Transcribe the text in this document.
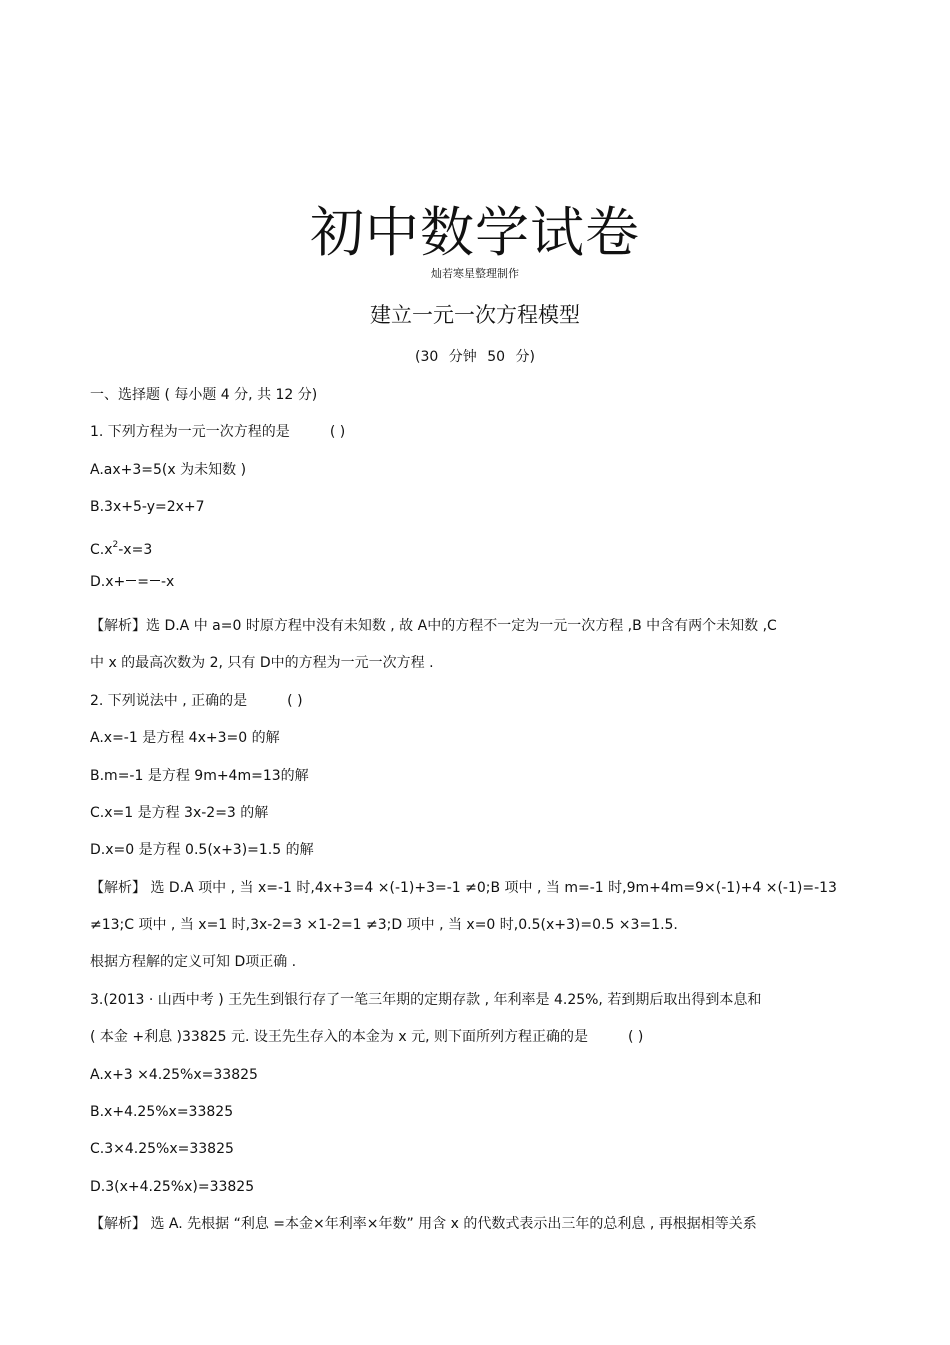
初中数学试卷
灿若寒星整理制作
建立一元一次方程模型
(30 分钟 50 分)
一、选择题 ( 每小题 4 分, 共 12 分)
1. 下列方程为一元一次方程的是	( )
A.ax+3=5(x 为未知数 )
B.3x+5-y=2x+7
$C.x^2-x=3$
D.x+ = -x
【解析】选 D.A 中 a=0 时原方程中没有未知数 , 故 A中的方程不一定为一元一次方程 ,B 中含有两个未知数 ,C
中 x 的最高次数为 2, 只有 D中的方程为一元一次方程 .
2. 下列说法中 , 正确的是	( )
A.x=-1 是方程 4x+3=0 的解
B.m=-1 是方程 9m+4m=13的解
C.x=1 是方程 3x-2=3 的解
D.x=0 是方程 0.5(x+3)=1.5 的解
【解析】 选 D.A 项中 , 当 x=-1 时,4x+3=4 ×(-1)+3=-1 ≠0;B 项中 , 当 m=-1 时,9m+4m=9×(-1)+4 ×(-1)=-13
≠13;C 项中 , 当 x=1 时,3x-2=3 ×1-2=1 ≠3;D 项中 , 当 x=0 时,0.5(x+3)=0.5 ×3=1.5.
根据方程解的定义可知 D项正确 .
3.(2013 · 山西中考 ) 王先生到银行存了一笔三年期的定期存款 , 年利率是 4.25%, 若到期后取出得到本息和
( 本金 +利息 )33825 元. 设王先生存入的本金为 x 元, 则下面所列方程正确的是	( )
A.x+3 ×4.25%x=33825
B.x+4.25%x=33825
C.3×4.25%x=33825
D.3(x+4.25%x)=33825
【解析】 选 A. 先根据 “利息 =本金×年利率×年数” 用含 x 的代数式表示出三年的总利息 , 再根据相等关系
